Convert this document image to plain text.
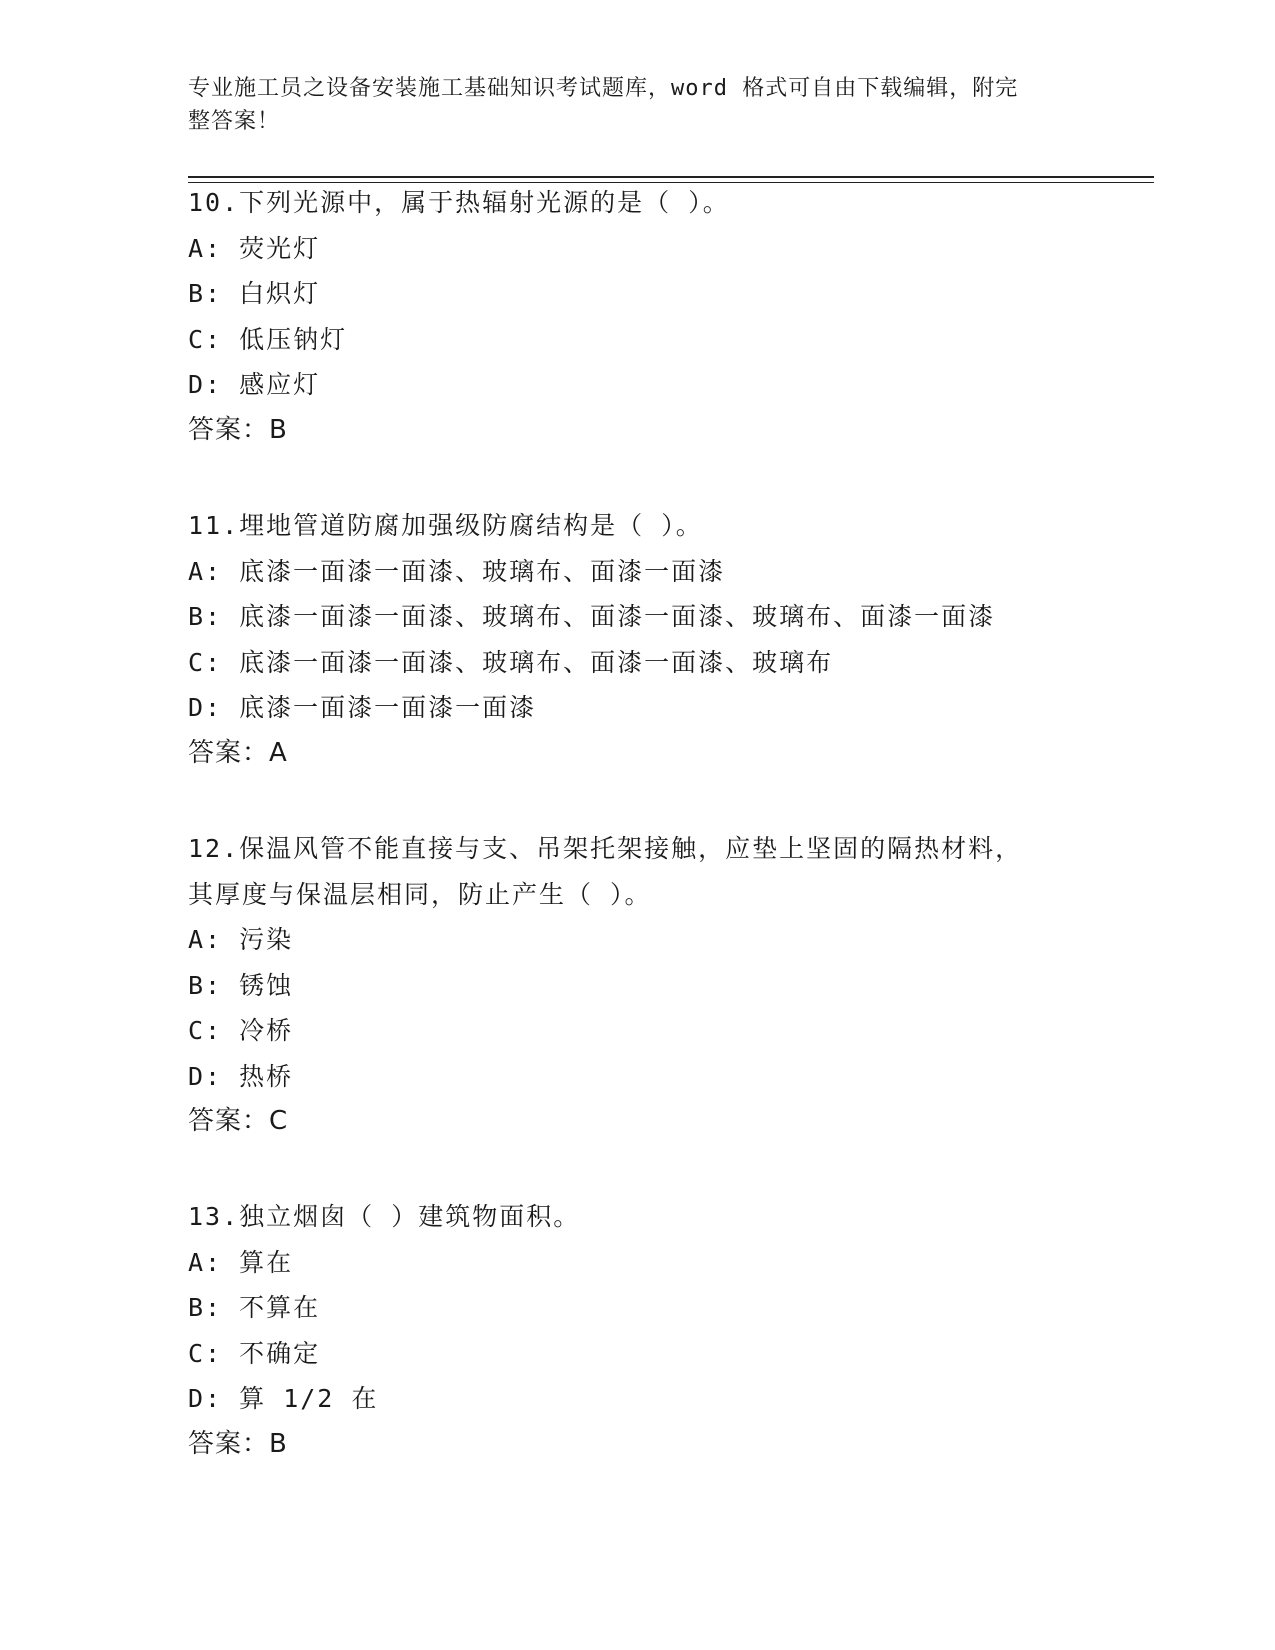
专业施工员之设备安装施工基础知识考试题库，word 格式可自由下载编辑，附完
整答案！
10.下列光源中，属于热辐射光源的是（ ）。
A: 荧光灯
B: 白炽灯
C: 低压钠灯
D: 感应灯
答案：B
11.埋地管道防腐加强级防腐结构是（ ）。
A: 底漆一面漆一面漆、玻璃布、面漆一面漆
B: 底漆一面漆一面漆、玻璃布、面漆一面漆、玻璃布、面漆一面漆
C: 底漆一面漆一面漆、玻璃布、面漆一面漆、玻璃布
D: 底漆一面漆一面漆一面漆
答案：A
12.保温风管不能直接与支、吊架托架接触，应垫上坚固的隔热材料，
其厚度与保温层相同，防止产生（ ）。
A: 污染
B: 锈蚀
C: 冷桥
D: 热桥
答案：C
13.独立烟囱（ ）建筑物面积。
A: 算在
B: 不算在
C: 不确定
D: 算 1/2 在
答案：B
